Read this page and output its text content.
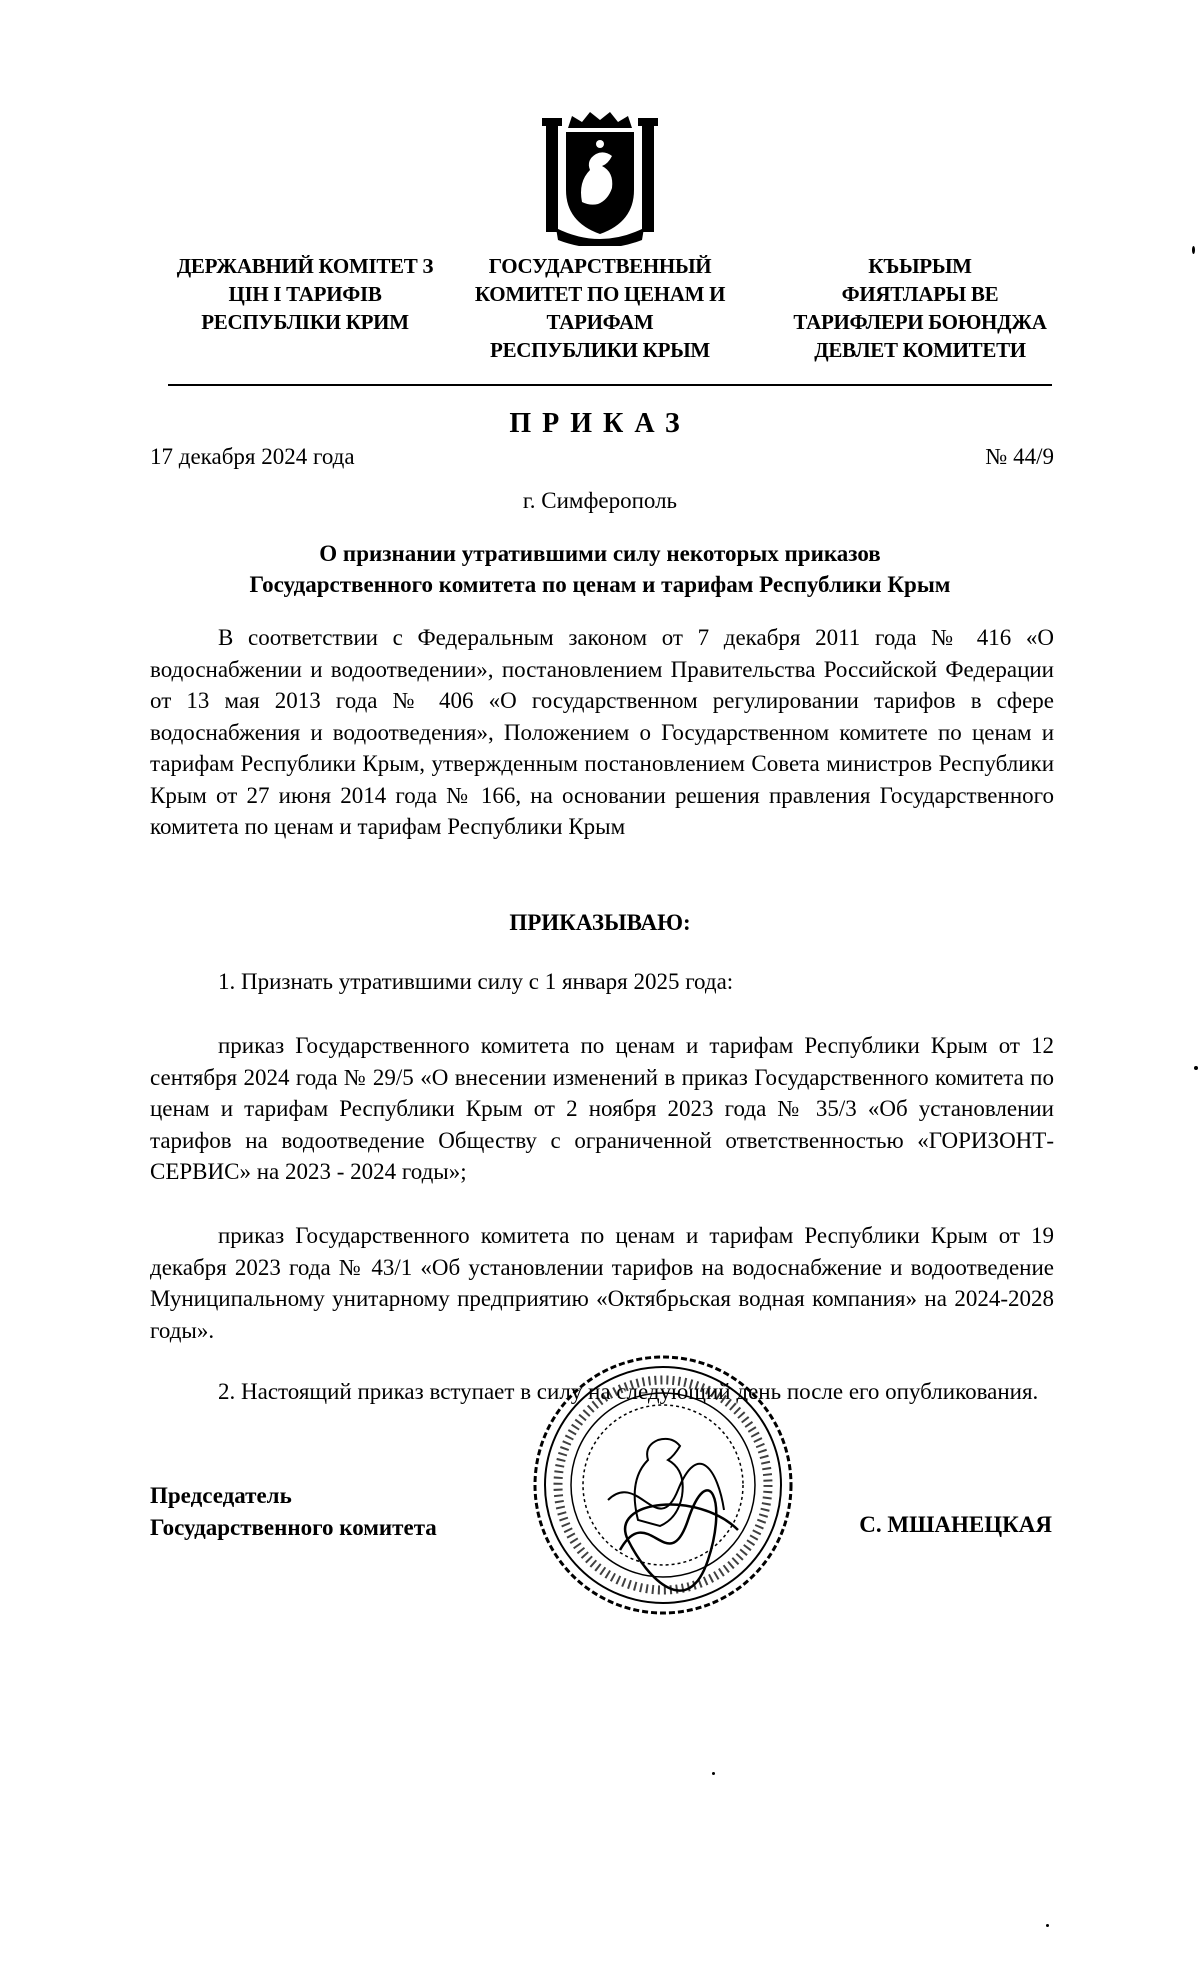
ДЕРЖАВНИЙ КОМІТЕТ З
ЦІН І ТАРИФІВ
РЕСПУБЛІКИ КРИМ
ГОСУДАРСТВЕННЫЙ
КОМИТЕТ ПО ЦЕНАМ И
ТАРИФАМ
РЕСПУБЛИКИ КРЫМ
КЪЫРЫМ
ФИЯТЛАРЫ ВЕ
ТАРИФЛЕРИ БОЮНДЖА
ДЕВЛЕТ КОМИТЕТИ
ПРИКАЗ
17 декабря 2024 года	№ 44/9
г. Симферополь
О признании утратившими силу некоторых приказов
Государственного комитета по ценам и тарифам Республики Крым

В соответствии с Федеральным законом от 7 декабря 2011 года № 416 «О водоснабжении и водоотведении», постановлением Правительства Российской Федерации от 13 мая 2013 года № 406 «О государственном регулировании тарифов в сфере водоснабжения и водоотведения», Положением о Государственном комитете по ценам и тарифам Республики Крым, утвержденным постановлением Совета министров Республики Крым от 27 июня 2014 года № 166, на основании решения правления Государственного комитета по ценам и тарифам Республики Крым

ПРИКАЗЫВАЮ:
1. Признать утратившими силу с 1 января 2025 года:

приказ Государственного комитета по ценам и тарифам Республики Крым от 12 сентября 2024 года № 29/5 «О внесении изменений в приказ Государственного комитета по ценам и тарифам Республики Крым от 2 ноября 2023 года № 35/3 «Об установлении тарифов на водоотведение Обществу с ограниченной ответственностью «ГОРИЗОНТ-СЕРВИС» на 2023 - 2024 годы»;

приказ Государственного комитета по ценам и тарифам Республики Крым от 19 декабря 2023 года № 43/1 «Об установлении тарифов на водоснабжение и водоотведение Муниципальному унитарному предприятию «Октябрьская водная компания» на 2024-2028 годы».

2. Настоящий приказ вступает в силу на следующий день после его опубликования.

Председатель
Государственного комитета	С. МШАНЕЦКАЯ
